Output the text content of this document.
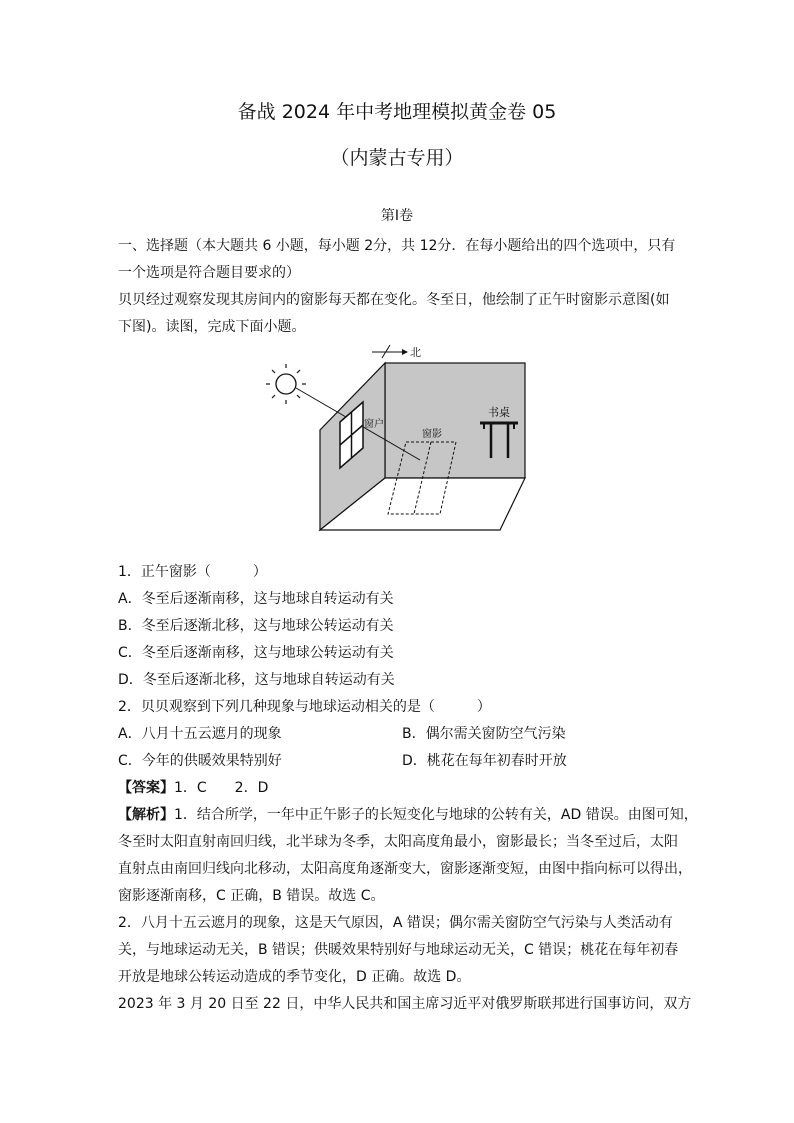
备战 2024 年中考地理模拟黄金卷 05
（内蒙古专用）
第Ⅰ卷
一、选择题（本大题共 6 小题，每小题 2分，共 12分．在每小题给出的四个选项中，只有
一个选项是符合题目要求的）
贝贝经过观察发现其房间内的窗影每天都在变化。冬至日，他绘制了正午时窗影示意图(如
下图)。读图，完成下面小题。
北
窗户
书桌
窗影
1．正午窗影（　　　）
A．冬至后逐渐南移，这与地球自转运动有关
B．冬至后逐渐北移，这与地球公转运动有关
C．冬至后逐渐南移，这与地球公转运动有关
D．冬至后逐渐北移，这与地球自转运动有关
2．贝贝观察到下列几种现象与地球运动相关的是（　　　）
A．八月十五云遮月的现象	B．偶尔需关窗防空气污染
C．今年的供暖效果特别好	D．桃花在每年初春时开放
【答案】1．C　　2．D
【解析】1．结合所学，一年中正午影子的长短变化与地球的公转有关，AD 错误。由图可知，
冬至时太阳直射南回归线，北半球为冬季，太阳高度角最小，窗影最长；当冬至过后，太阳
直射点由南回归线向北移动，太阳高度角逐渐变大，窗影逐渐变短，由图中指向标可以得出，
窗影逐渐南移，C 正确，B 错误。故选 C。
2．八月十五云遮月的现象，这是天气原因，A 错误；偶尔需关窗防空气污染与人类活动有
关，与地球运动无关，B 错误；供暖效果特别好与地球运动无关，C 错误；桃花在每年初春
开放是地球公转运动造成的季节变化，D 正确。故选 D。
2023 年 3 月 20 日至 22 日，中华人民共和国主席习近平对俄罗斯联邦进行国事访问，双方
